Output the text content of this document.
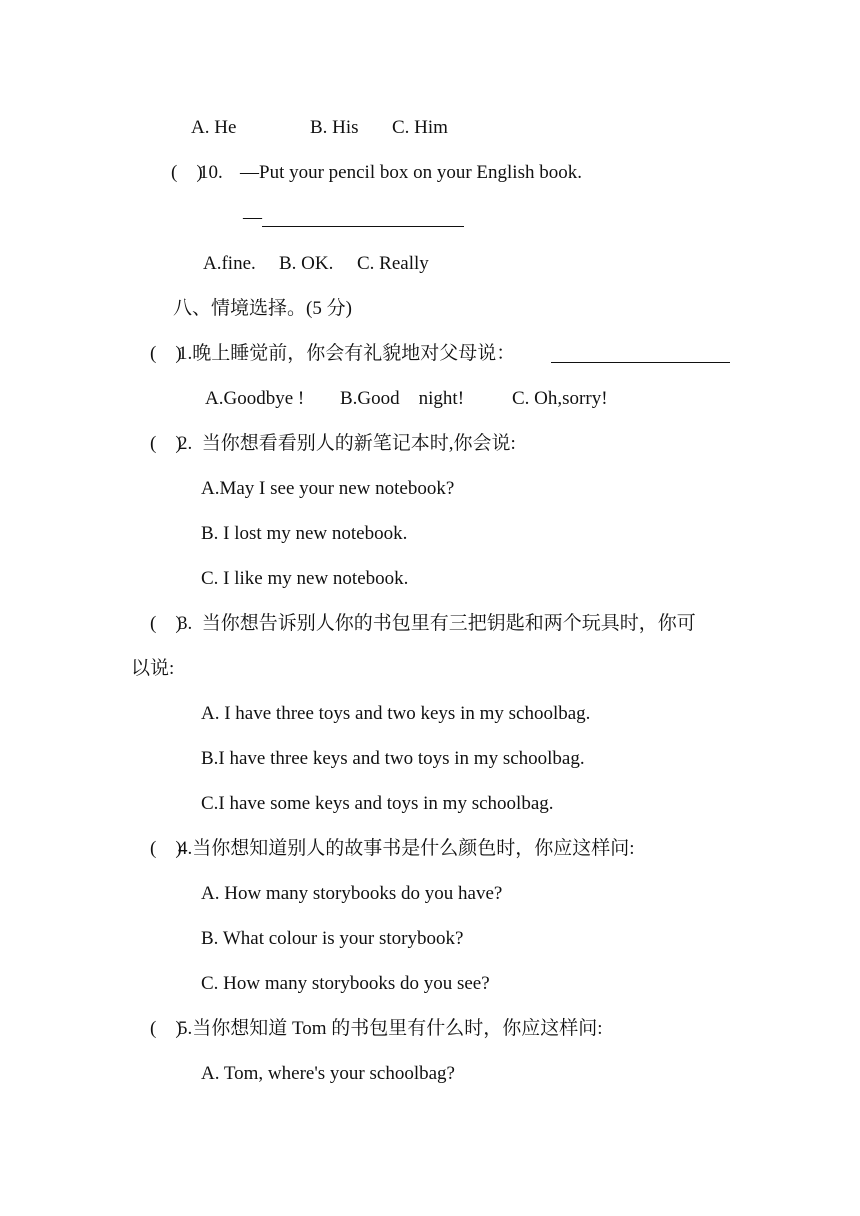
A. He	B. His C. Him
(    )
10. —Put your pencil box on your English book.
—
A.fine. B. OK. C. Really
八、情境选择。(5 分)
(    )
1.晚上睡觉前，你会有礼貌地对父母说：
A.Goodbye ! B.Good    night!	C. Oh,sorry!
(    )
2.  当你想看看别人的新笔记本时,你会说:
A.May I see your new notebook?
B. I lost my new notebook.
C. I like my new notebook.
(    )
3.  当你想告诉别人你的书包里有三把钥匙和两个玩具时，你可
以说:
A. I have three toys and two keys in my schoolbag.
B.I have three keys and two toys in my schoolbag.
C.I have some keys and toys in my schoolbag.
(    )
4.当你想知道别人的故事书是什么颜色时，你应这样问:
A. How many storybooks do you have?
B. What colour is your storybook?
C. How many storybooks do you see?
(    )
5.当你想知道 Tom 的书包里有什么时，你应这样问:
A. Tom, where's your schoolbag?
